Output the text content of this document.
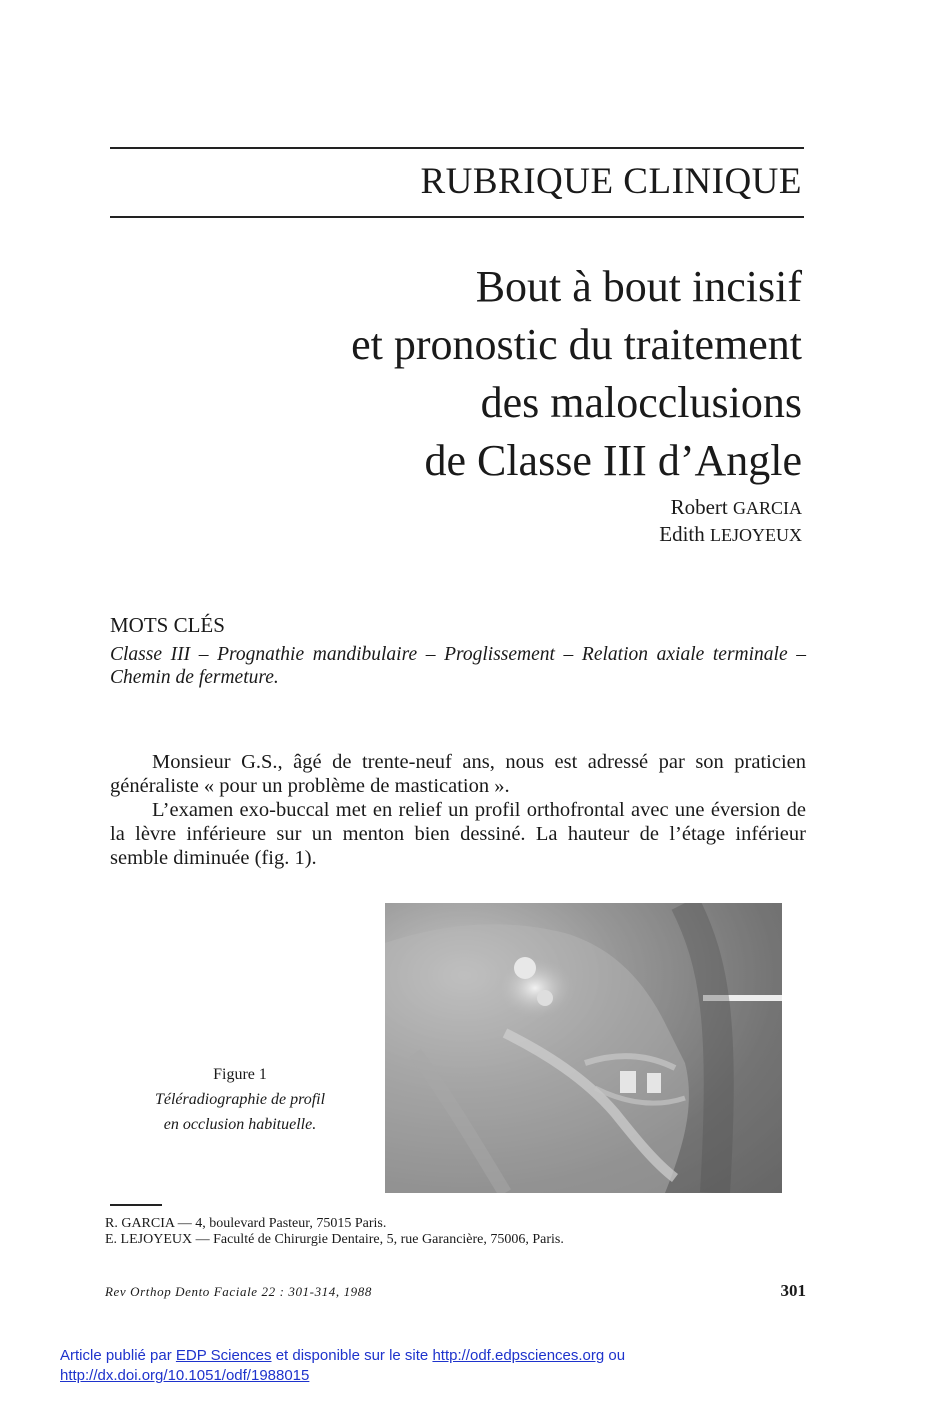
RUBRIQUE CLINIQUE
Bout à bout incisif
et pronostic du traitement
des malocclusions
de Classe III d’Angle
Robert GARCIA
Edith LEJOYEUX
MOTS CLÉS
Classe III – Prognathie mandibulaire – Proglissement – Relation axiale terminale – Chemin de fermeture.

Monsieur G.S., âgé de trente-neuf ans, nous est adressé par son praticien généraliste « pour un problème de mastication ».

L’examen exo-buccal met en relief un profil orthofrontal avec une éversion de la lèvre inférieure sur un menton bien dessiné. La hauteur de l’étage inférieur semble diminuée (fig. 1).

Figure 1
Téléradiographie de profil
en occlusion habituelle.
R. GARCIA — 4, boulevard Pasteur, 75015 Paris.
E. LEJOYEUX — Faculté de Chirurgie Dentaire, 5, rue Garancière, 75006, Paris.
Rev Orthop Dento Faciale 22 : 301-314, 1988	301
Article publié par EDP Sciences et disponible sur le site http://odf.edpsciences.org ou
http://dx.doi.org/10.1051/odf/1988015
